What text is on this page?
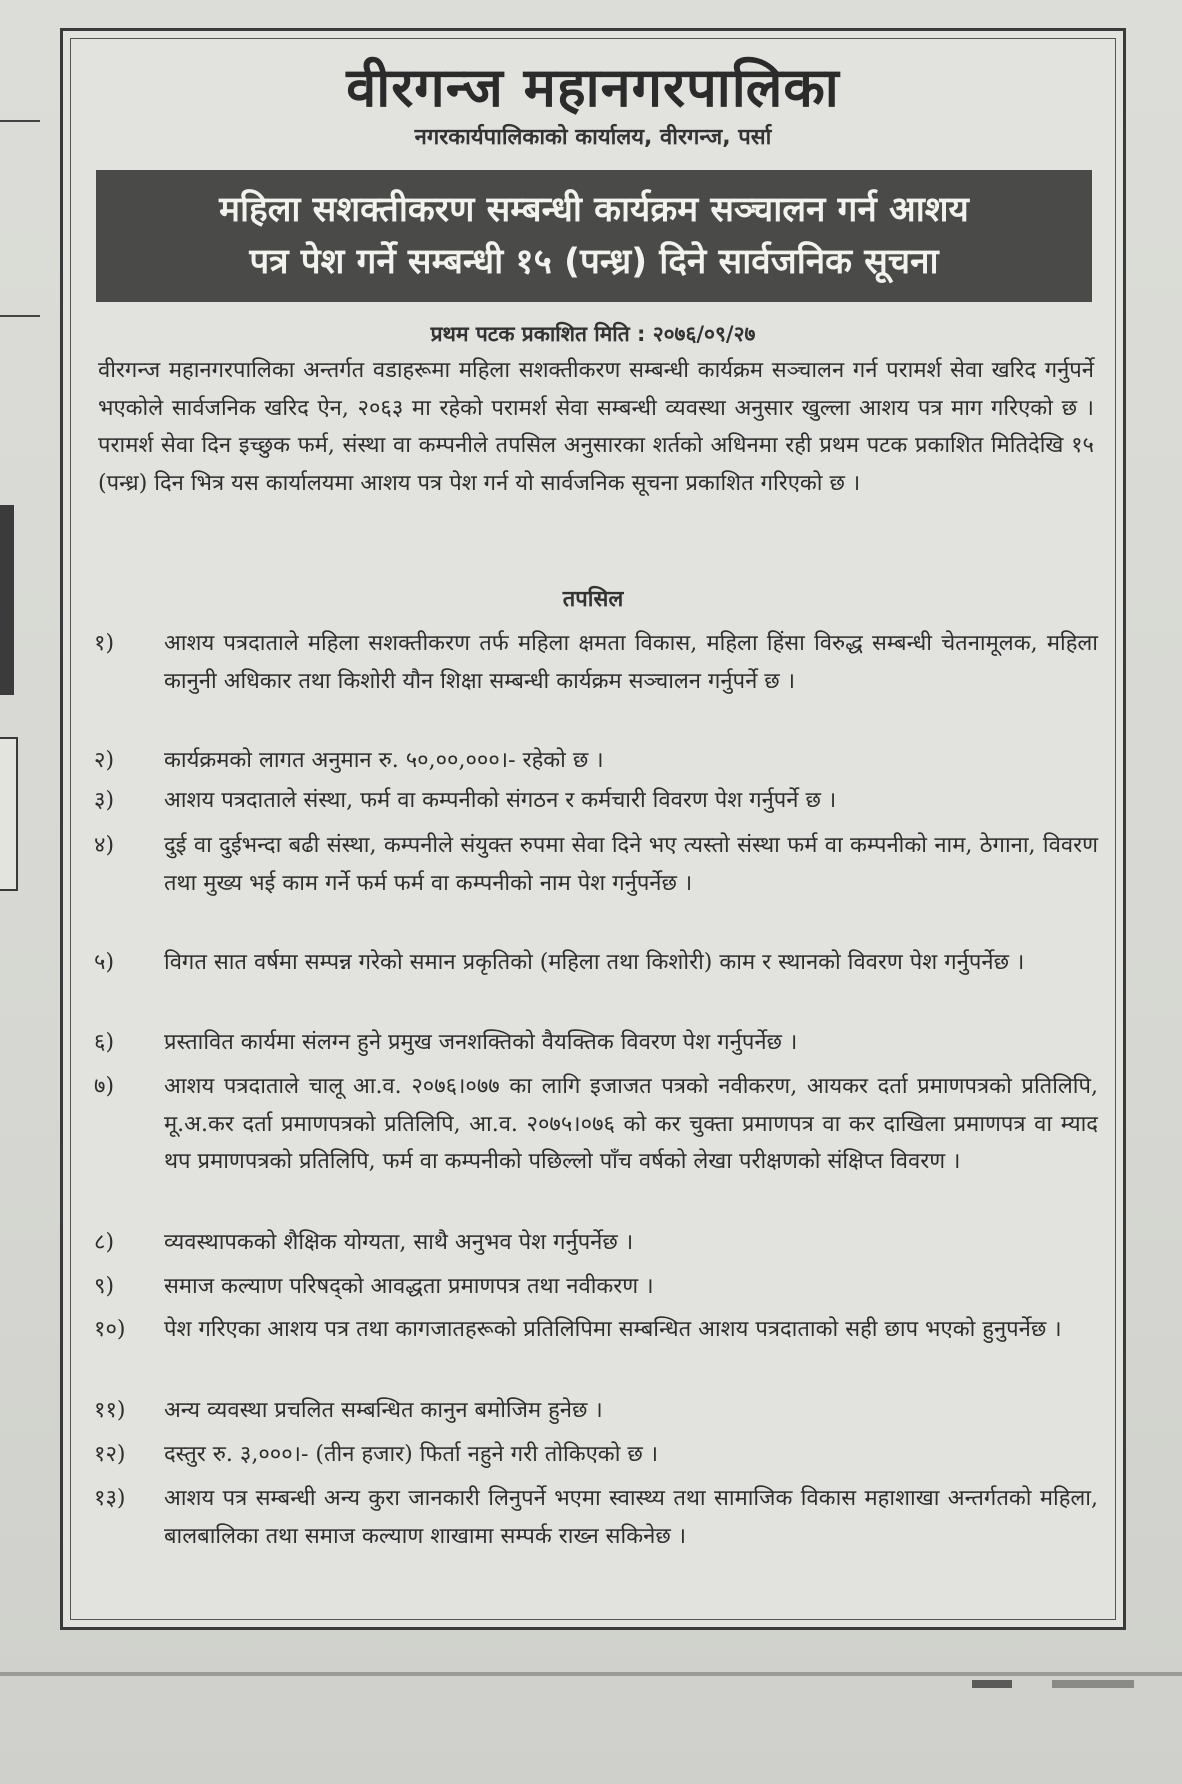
वीरगन्ज महानगरपालिका
नगरकार्यपालिकाको कार्यालय, वीरगन्ज, पर्सा
महिला सशक्तीकरण सम्बन्धी कार्यक्रम सञ्चालन गर्न आशय
पत्र पेश गर्ने सम्बन्धी १५ (पन्ध्र) दिने सार्वजनिक सूचना
प्रथम पटक प्रकाशित मिति : २०७६/०९/२७
वीरगन्ज महानगरपालिका अन्तर्गत वडाहरूमा महिला सशक्तीकरण सम्बन्धी कार्यक्रम सञ्चालन गर्न परामर्श सेवा खरिद गर्नुपर्ने भएकोले सार्वजनिक खरिद ऐन, २०६३ मा रहेको परामर्श सेवा सम्बन्धी व्यवस्था अनुसार खुल्ला आशय पत्र माग गरिएको छ । परामर्श सेवा दिन इच्छुक फर्म, संस्था वा कम्पनीले तपसिल अनुसारका शर्तको अधिनमा रही प्रथम पटक प्रकाशित मितिदेखि १५ (पन्ध्र) दिन भित्र यस कार्यालयमा आशय पत्र पेश गर्न यो सार्वजनिक सूचना प्रकाशित गरिएको छ ।
तपसिल
१)	आशय पत्रदाताले महिला सशक्तीकरण तर्फ महिला क्षमता विकास, महिला हिंसा विरुद्ध सम्बन्धी चेतनामूलक, महिला कानुनी अधिकार तथा किशोरी यौन शिक्षा सम्बन्धी कार्यक्रम सञ्चालन गर्नुपर्ने छ ।
२)	कार्यक्रमको लागत अनुमान रु. ५०,००,०००।- रहेको छ ।
३)	आशय पत्रदाताले संस्था, फर्म वा कम्पनीको संगठन र कर्मचारी विवरण पेश गर्नुपर्ने छ ।
४)	दुई वा दुईभन्दा बढी संस्था, कम्पनीले संयुक्त रुपमा सेवा दिने भए त्यस्तो संस्था फर्म वा कम्पनीको नाम, ठेगाना, विवरण तथा मुख्य भई काम गर्ने फर्म फर्म वा कम्पनीको नाम पेश गर्नुपर्नेछ ।
५)	विगत सात वर्षमा सम्पन्न गरेको समान प्रकृतिको (महिला तथा किशोरी) काम र स्थानको विवरण पेश गर्नुपर्नेछ ।
६)	प्रस्तावित कार्यमा संलग्न हुने प्रमुख जनशक्तिको वैयक्तिक विवरण पेश गर्नुपर्नेछ ।
७)	आशय पत्रदाताले चालू आ.व. २०७६।०७७ का लागि इजाजत पत्रको नवीकरण, आयकर दर्ता प्रमाणपत्रको प्रतिलिपि, मू.अ.कर दर्ता प्रमाणपत्रको प्रतिलिपि, आ.व. २०७५।०७६ को कर चुक्ता प्रमाणपत्र वा कर दाखिला प्रमाणपत्र वा म्याद थप प्रमाणपत्रको प्रतिलिपि, फर्म वा कम्पनीको पछिल्लो पाँच वर्षको लेखा परीक्षणको संक्षिप्त विवरण ।
८)	व्यवस्थापकको शैक्षिक योग्यता, साथै अनुभव पेश गर्नुपर्नेछ ।
९)	समाज कल्याण परिषद्को आवद्धता प्रमाणपत्र तथा नवीकरण ।
१०)	पेश गरिएका आशय पत्र तथा कागजातहरूको प्रतिलिपिमा सम्बन्धित आशय पत्रदाताको सही छाप भएको हुनुपर्नेछ ।
११)	अन्य व्यवस्था प्रचलित सम्बन्धित कानुन बमोजिम हुनेछ ।
१२)	दस्तुर रु. ३,०००।- (तीन हजार) फिर्ता नहुने गरी तोकिएको छ ।
१३)	आशय पत्र सम्बन्धी अन्य कुरा जानकारी लिनुपर्ने भएमा स्वास्थ्य तथा सामाजिक विकास महाशाखा अन्तर्गतको महिला, बालबालिका तथा समाज कल्याण शाखामा सम्पर्क राख्न सकिनेछ ।
